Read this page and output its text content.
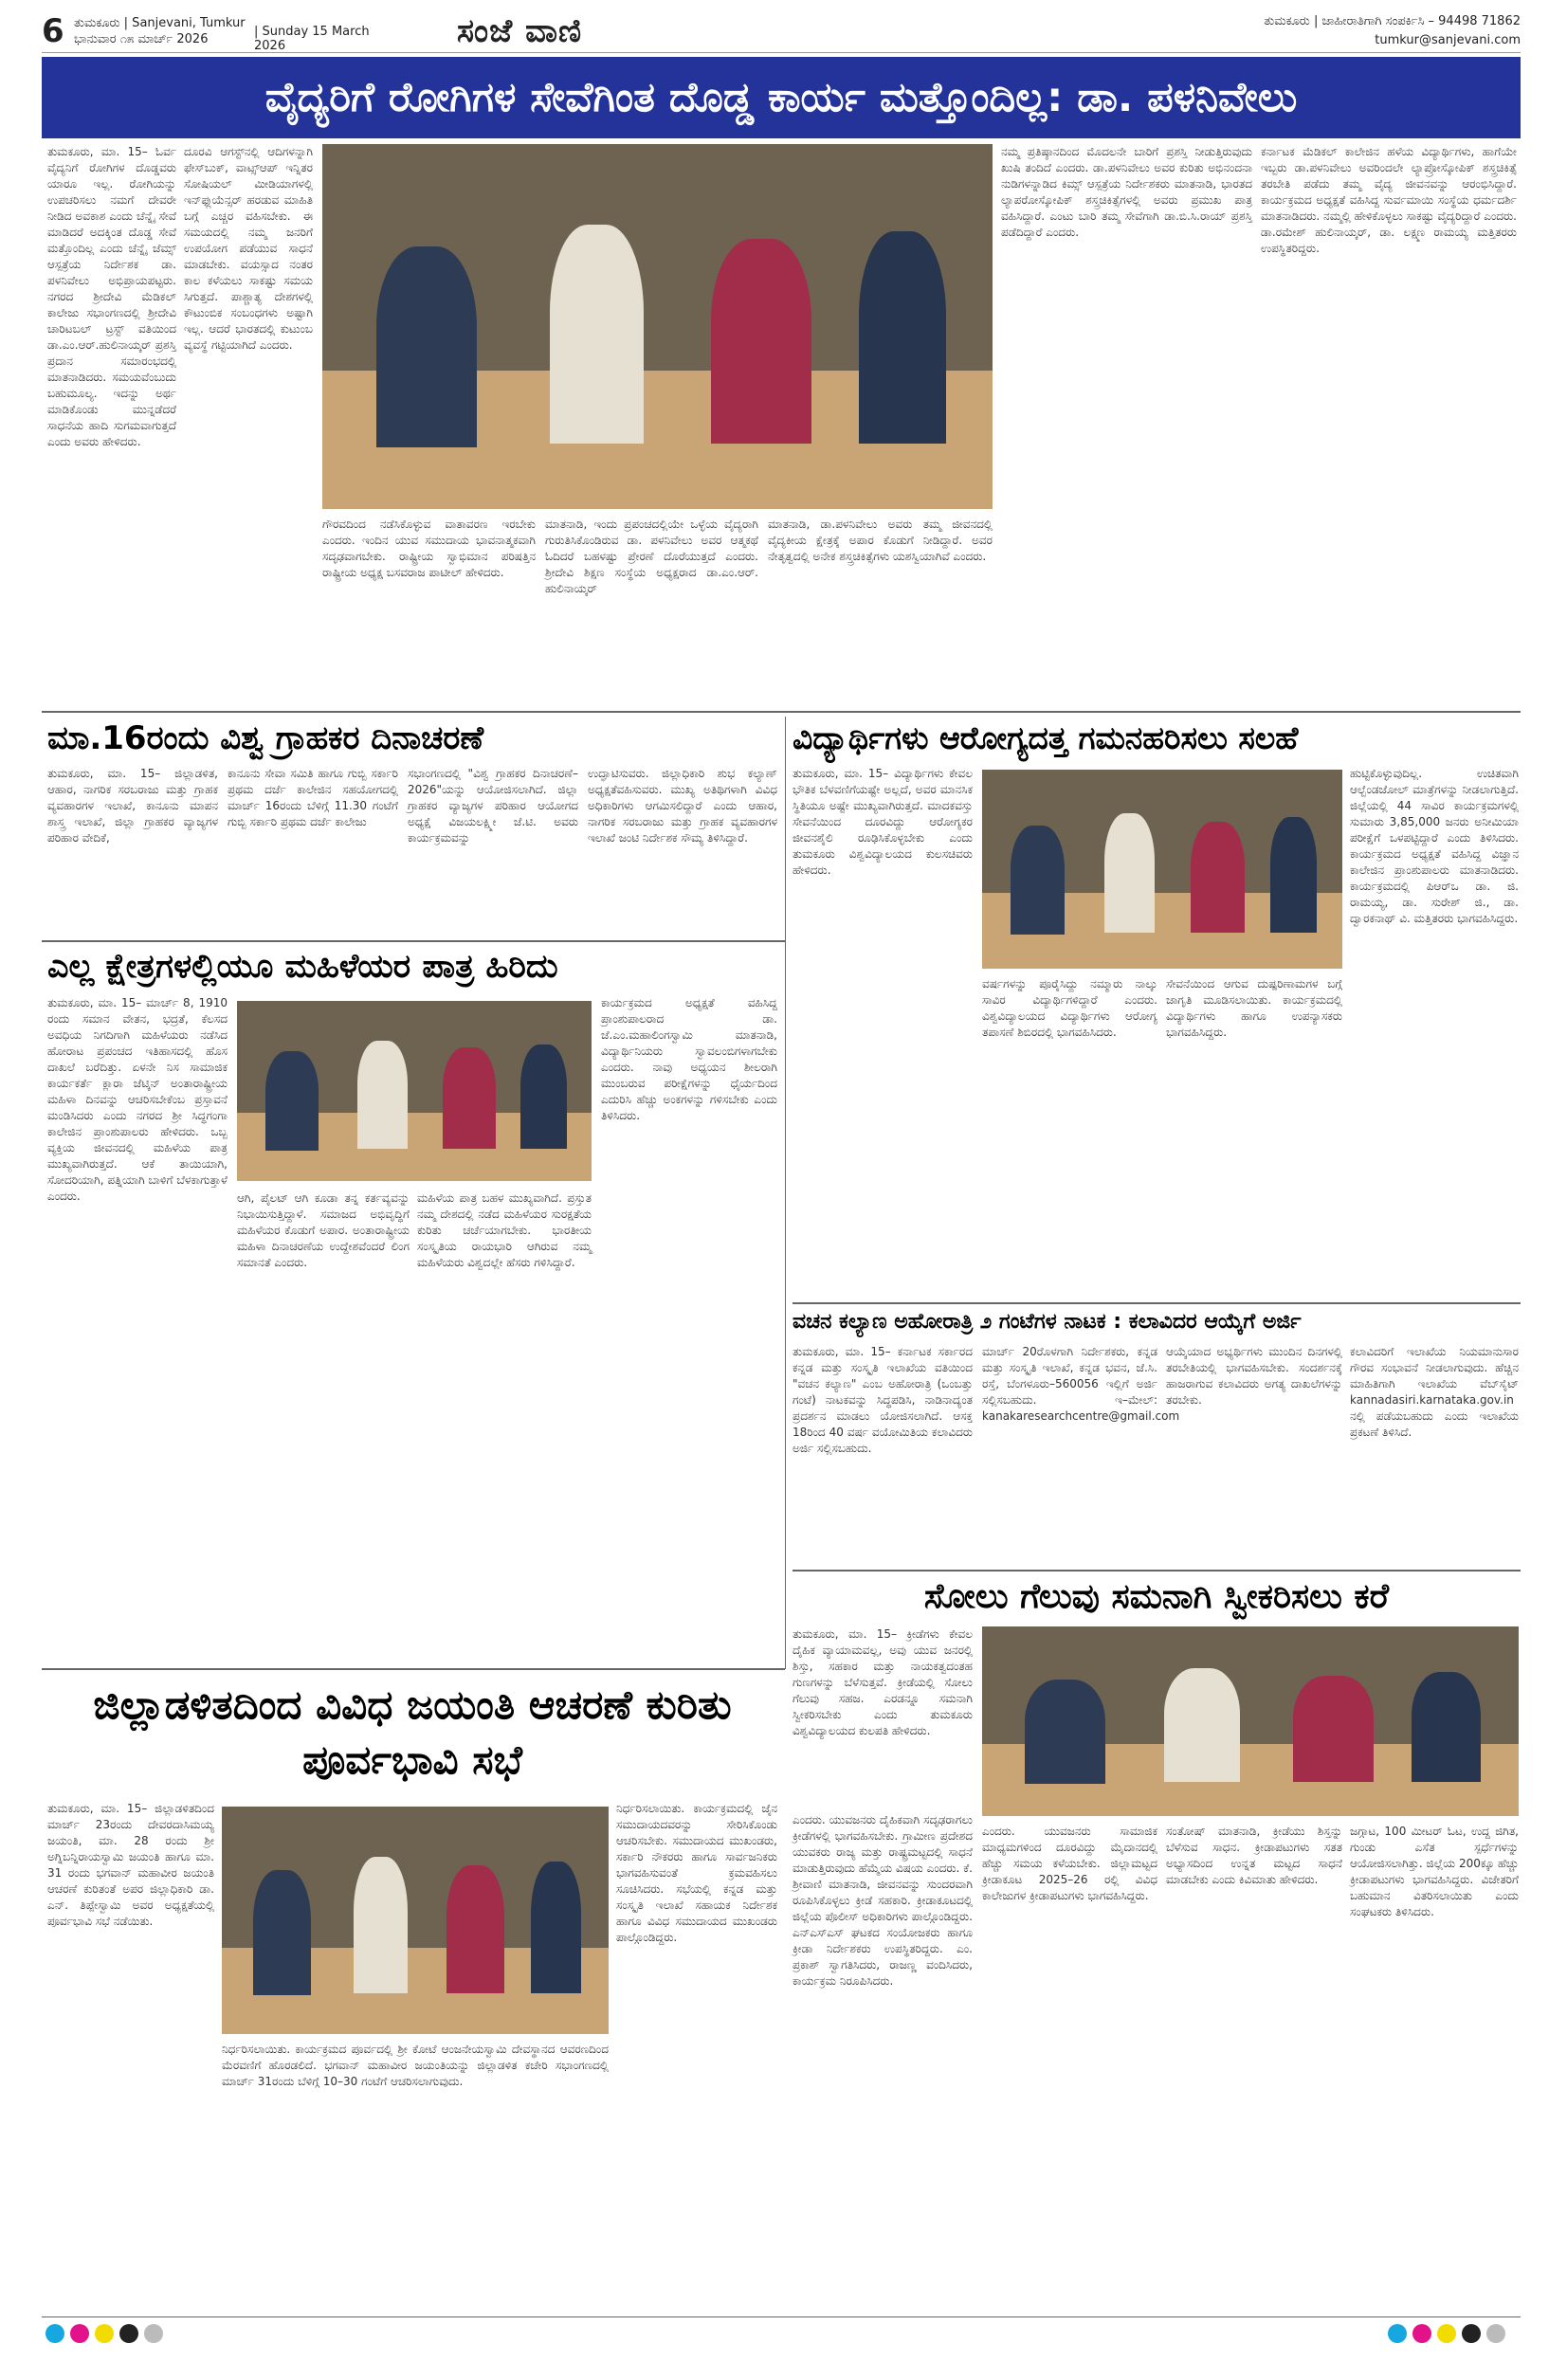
6 ತುಮಕೂರು | Sanjevani, Tumkur
ಭಾನುವಾರ ೧೫ ಮಾರ್ಚ್ 2026
| Sunday 15 March 2026	ಸಂಜೆ ವಾಣಿ	ತುಮಕೂರು | ಜಾಹೀರಾತಿಗಾಗಿ ಸಂಪರ್ಕಿಸಿ – 94498 71862
tumkur@sanjevani.com
ವೈದ್ಯರಿಗೆ ರೋಗಿಗಳ ಸೇವೆಗಿಂತ ದೊಡ್ಡ ಕಾರ್ಯ ಮತ್ತೊಂದಿಲ್ಲ: ಡಾ. ಪಳನಿವೇಲು
ತುಮಕೂರು, ಮಾ. 15– ಓರ್ವ ವೈದ್ಯನಿಗೆ ರೋಗಿಗಳ ದೊಡ್ಡವರು ಯಾರೂ ಇಲ್ಲ. ರೋಗಿಯನ್ನು ಉಪಚರಿಸಲು ನಮಗೆ ದೇವರೇ ನೀಡಿದ ಅವಕಾಶ ಎಂದು ಚೆನ್ನೈ ಸೇವೆ ಮಾಡಿದರೆ ಅದಕ್ಕಿಂತ ದೊಡ್ಡ ಸೇವೆ ಮತ್ತೊಂದಿಲ್ಲ ಎಂದು ಚೆನ್ನೈ ಜೆಮ್ಸ್ ಆಸ್ಪತ್ರೆಯ ನಿರ್ದೇಶಕ ಡಾ. ಪಳನಿವೇಲು ಅಭಿಪ್ರಾಯಪಟ್ಟರು. ನಗರದ ಶ್ರೀದೇವಿ ಮೆಡಿಕಲ್ ಕಾಲೇಜು ಸಭಾಂಗಣದಲ್ಲಿ ಶ್ರೀದೇವಿ ಚಾರಿಟಬಲ್ ಟ್ರಸ್ಟ್ ವತಿಯಿಂದ ಡಾ.ಎಂ.ಆರ್.ಹುಲಿನಾಯ್ಕರ್ ಪ್ರಶಸ್ತಿ ಪ್ರದಾನ ಸಮಾರಂಭದಲ್ಲಿ ಮಾತನಾಡಿದರು. ಸಮಯವೆಂಬುದು ಬಹುಮೂಲ್ಯ. ಇದನ್ನು ಅರ್ಥ ಮಾಡಿಕೊಂಡು ಮುನ್ನಡೆದರೆ ಸಾಧನೆಯ ಹಾದಿ ಸುಗಮವಾಗುತ್ತದೆ ಎಂದು ಅವರು ಹೇಳಿದರು.
ದೂರವಿ ಆಗಸ್ಟ್‌ನಲ್ಲಿ ಆದಿಗಳನ್ನಾಗಿ ಫೇಸ್‌ಬುಕ್, ವಾಟ್ಸ್‌ಆಪ್ ಇನ್ನಿತರ ಸೋಷಿಯಲ್ ಮೀಡಿಯಾಗಳಲ್ಲಿ ಇನ್‌ಫ್ಲುಯೆನ್ಸರ್ ಹರಡುವ ಮಾಹಿತಿ ಬಗ್ಗೆ ಎಚ್ಚರ ವಹಿಸಬೇಕು. ಈ ಸಮಯದಲ್ಲಿ ನಮ್ಮ ಜನರಿಗೆ ಉಪಯೋಗ ಪಡೆಯುವ ಸಾಧನೆ ಮಾಡಬೇಕು. ವಯಸ್ಸಾದ ನಂತರ ಕಾಲ ಕಳೆಯಲು ಸಾಕಷ್ಟು ಸಮಯ ಸಿಗುತ್ತದೆ. ಪಾಶ್ಚಾತ್ಯ ದೇಶಗಳಲ್ಲಿ ಕೌಟುಂಬಿಕ ಸಂಬಂಧಗಳು ಅಷ್ಟಾಗಿ ಇಲ್ಲ. ಆದರೆ ಭಾರತದಲ್ಲಿ ಕುಟುಂಬ ವ್ಯವಸ್ಥೆ ಗಟ್ಟಿಯಾಗಿದೆ ಎಂದರು.
ಗೌರವದಿಂದ ನಡೆಸಿಕೊಳ್ಳುವ ವಾತಾವರಣ ಇರಬೇಕು ಎಂದರು. ಇಂದಿನ ಯುವ ಸಮುದಾಯ ಭಾವನಾತ್ಮಕವಾಗಿ ಸದೃಢವಾಗಬೇಕು. ರಾಷ್ಟ್ರೀಯ ಸ್ವಾಭಿಮಾನ ಪರಿಷತ್ತಿನ ರಾಷ್ಟ್ರೀಯ ಅಧ್ಯಕ್ಷ ಬಸವರಾಜ ಪಾಟೀಲ್ ಹೇಳಿದರು.
ಮಾತನಾಡಿ, ಇಂದು ಪ್ರಪಂಚದಲ್ಲಿಯೇ ಒಳ್ಳೆಯ ವೈದ್ಯರಾಗಿ ಗುರುತಿಸಿಕೊಂಡಿರುವ ಡಾ. ಪಳನಿವೇಲು ಅವರ ಆತ್ಮಕಥೆ ಓದಿದರೆ ಬಹಳಷ್ಟು ಪ್ರೇರಣೆ ದೊರೆಯುತ್ತದೆ ಎಂದರು. ಶ್ರೀದೇವಿ ಶಿಕ್ಷಣ ಸಂಸ್ಥೆಯ ಅಧ್ಯಕ್ಷರಾದ ಡಾ.ಎಂ.ಆರ್. ಹುಲಿನಾಯ್ಕರ್
ಮಾತನಾಡಿ, ಡಾ.ಪಳನಿವೇಲು ಅವರು ತಮ್ಮ ಜೀವನದಲ್ಲಿ ವೈದ್ಯಕೀಯ ಕ್ಷೇತ್ರಕ್ಕೆ ಅಪಾರ ಕೊಡುಗೆ ನೀಡಿದ್ದಾರೆ. ಅವರ ನೇತೃತ್ವದಲ್ಲಿ ಅನೇಕ ಶಸ್ತ್ರಚಿಕಿತ್ಸೆಗಳು ಯಶಸ್ವಿಯಾಗಿವೆ ಎಂದರು.
ನಮ್ಮ ಪ್ರತಿಷ್ಠಾನದಿಂದ ಮೊದಲನೇ ಬಾರಿಗೆ ಪ್ರಶಸ್ತಿ ನೀಡುತ್ತಿರುವುದು ಖುಷಿ ತಂದಿದೆ ಎಂದರು. ಡಾ.ಪಳನಿವೇಲು ಅವರ ಕುರಿತು ಅಭಿನಂದನಾ ನುಡಿಗಳನ್ನಾಡಿದ ಕಿಮ್ಸ್ ಆಸ್ಪತ್ರೆಯ ನಿರ್ದೇಶಕರು ಮಾತನಾಡಿ, ಭಾರತದ ಲ್ಯಾಪರೋಸ್ಕೋಪಿಕ್ ಶಸ್ತ್ರಚಿಕಿತ್ಸೆಗಳಲ್ಲಿ ಅವರು ಪ್ರಮುಖ ಪಾತ್ರ ವಹಿಸಿದ್ದಾರೆ. ಎಂಟು ಬಾರಿ ತಮ್ಮ ಸೇವೆಗಾಗಿ ಡಾ.ಬಿ.ಸಿ.ರಾಯ್ ಪ್ರಶಸ್ತಿ ಪಡೆದಿದ್ದಾರೆ ಎಂದರು.
ಕರ್ನಾಟಕ ಮೆಡಿಕಲ್ ಕಾಲೇಜಿನ ಹಳೆಯ ವಿದ್ಯಾರ್ಥಿಗಳು, ಹಾಗೆಯೇ ಇಬ್ಬರು ಡಾ.ಪಳನಿವೇಲು ಅವರಿಂದಲೇ ಲ್ಯಾಪ್ರೋಸ್ಕೋಪಿಕ್ ಶಸ್ತ್ರಚಿಕಿತ್ಸೆ ತರಬೇತಿ ಪಡೆದು ತಮ್ಮ ವೈದ್ಯ ಜೀವನವನ್ನು ಆರಂಭಿಸಿದ್ದಾರೆ. ಕಾರ್ಯಕ್ರಮದ ಅಧ್ಯಕ್ಷತೆ ವಹಿಸಿದ್ದ ಸುರ್ವಮಾಯಿ ಸಂಸ್ಥೆಯ ಧರ್ಮದರ್ಶಿ ಮಾತನಾಡಿದರು. ನಮ್ಮಲ್ಲಿ ಹೇಳಿಕೊಳ್ಳಲು ಸಾಕಷ್ಟು ವೈದ್ಯರಿದ್ದಾರೆ ಎಂದರು. ಡಾ.ರಮೇಶ್ ಹುಲಿನಾಯ್ಕರ್, ಡಾ. ಲಕ್ಷ್ಮಣ ರಾಮಯ್ಯ ಮತ್ತಿತರರು ಉಪಸ್ಥಿತರಿದ್ದರು.
ಮಾ.16ರಂದು ವಿಶ್ವ ಗ್ರಾಹಕರ ದಿನಾಚರಣೆ
ತುಮಕೂರು, ಮಾ. 15– ಜಿಲ್ಲಾಡಳಿತ, ಆಹಾರ, ನಾಗರಿಕ ಸರಬರಾಜು ಮತ್ತು ಗ್ರಾಹಕ ವ್ಯವಹಾರಗಳ ಇಲಾಖೆ, ಕಾನೂನು ಮಾಪನ ಶಾಸ್ತ್ರ ಇಲಾಖೆ, ಜಿಲ್ಲಾ ಗ್ರಾಹಕರ ವ್ಯಾಜ್ಯಗಳ ಪರಿಹಾರ ವೇದಿಕೆ,
ಕಾನೂನು ಸೇವಾ ಸಮಿತಿ ಹಾಗೂ ಗುಬ್ಬಿ ಸರ್ಕಾರಿ ಪ್ರಥಮ ದರ್ಜೆ ಕಾಲೇಜಿನ ಸಹಯೋಗದಲ್ಲಿ ಮಾರ್ಚ್ 16ರಂದು ಬೆಳಿಗ್ಗೆ 11.30 ಗಂಟೆಗೆ ಗುಬ್ಬಿ ಸರ್ಕಾರಿ ಪ್ರಥಮ ದರ್ಜೆ ಕಾಲೇಜು
ಸಭಾಂಗಣದಲ್ಲಿ "ವಿಶ್ವ ಗ್ರಾಹಕರ ದಿನಾಚರಣೆ–2026"ಯನ್ನು ಆಯೋಜಿಸಲಾಗಿದೆ. ಜಿಲ್ಲಾ ಗ್ರಾಹಕರ ವ್ಯಾಜ್ಯಗಳ ಪರಿಹಾರ ಆಯೋಗದ ಅಧ್ಯಕ್ಷೆ ವಿಜಯಲಕ್ಷ್ಮೀ ಜೆ.ಟಿ. ಅವರು ಕಾರ್ಯಕ್ರಮವನ್ನು
ಉದ್ಘಾಟಿಸುವರು. ಜಿಲ್ಲಾಧಿಕಾರಿ ಶುಭ ಕಲ್ಯಾಣ್ ಅಧ್ಯಕ್ಷತೆವಹಿಸುವರು. ಮುಖ್ಯ ಅತಿಥಿಗಳಾಗಿ ವಿವಿಧ ಅಧಿಕಾರಿಗಳು ಆಗಮಿಸಲಿದ್ದಾರೆ ಎಂದು ಆಹಾರ, ನಾಗರಿಕ ಸರಬರಾಜು ಮತ್ತು ಗ್ರಾಹಕ ವ್ಯವಹಾರಗಳ ಇಲಾಖೆ ಜಂಟಿ ನಿರ್ದೇಶಕ ಸೌಮ್ಯ ತಿಳಿಸಿದ್ದಾರೆ.
ವಿದ್ಯಾರ್ಥಿಗಳು ಆರೋಗ್ಯದತ್ತ ಗಮನಹರಿಸಲು ಸಲಹೆ
ತುಮಕೂರು, ಮಾ. 15– ವಿದ್ಯಾರ್ಥಿಗಳು ಕೇವಲ ಭೌತಿಕ ಬೆಳವಣಿಗೆಯಷ್ಟೇ ಅಲ್ಲದೆ, ಅವರ ಮಾನಸಿಕ ಸ್ಥಿತಿಯೂ ಅಷ್ಟೇ ಮುಖ್ಯವಾಗಿರುತ್ತದೆ. ಮಾದಕವಸ್ತು ಸೇವನೆಯಿಂದ ದೂರವಿದ್ದು ಆರೋಗ್ಯಕರ ಜೀವನಶೈಲಿ ರೂಢಿಸಿಕೊಳ್ಳಬೇಕು ಎಂದು ತುಮಕೂರು ವಿಶ್ವವಿದ್ಯಾಲಯದ ಕುಲಸಚಿವರು ಹೇಳಿದರು.
ವರ್ಷಗಳನ್ನು ಪೂರೈಸಿದ್ದು ನಮ್ಮಾರು ನಾಲ್ಕು ಸಾವಿರ ವಿದ್ಯಾರ್ಥಿಗಳಿದ್ದಾರೆ ಎಂದರು. ವಿಶ್ವವಿದ್ಯಾಲಯದ ವಿದ್ಯಾರ್ಥಿಗಳು ಆರೋಗ್ಯ ತಪಾಸಣೆ ಶಿಬಿರದಲ್ಲಿ ಭಾಗವಹಿಸಿದರು.
ಸೇವನೆಯಿಂದ ಆಗುವ ದುಷ್ಪರಿಣಾಮಗಳ ಬಗ್ಗೆ ಜಾಗೃತಿ ಮೂಡಿಸಲಾಯಿತು. ಕಾರ್ಯಕ್ರಮದಲ್ಲಿ ವಿದ್ಯಾರ್ಥಿಗಳು ಹಾಗೂ ಉಪನ್ಯಾಸಕರು ಭಾಗವಹಿಸಿದ್ದರು.
ಹುಟ್ಟಿಕೊಳ್ಳುವುದಿಲ್ಲ. ಉಚಿತವಾಗಿ ಆಲ್ಬೆಂಡಜೋಲ್ ಮಾತ್ರೆಗಳನ್ನು ನೀಡಲಾಗುತ್ತಿದೆ. ಜಿಲ್ಲೆಯಲ್ಲಿ 44 ಸಾವಿರ ಕಾರ್ಯಕ್ರಮಗಳಲ್ಲಿ ಸುಮಾರು 3,85,000 ಜನರು ಅನೀಮಿಯಾ ಪರೀಕ್ಷೆಗೆ ಒಳಪಟ್ಟಿದ್ದಾರೆ ಎಂದು ತಿಳಿಸಿದರು. ಕಾರ್ಯಕ್ರಮದ ಅಧ್ಯಕ್ಷತೆ ವಹಿಸಿದ್ದ ವಿಜ್ಞಾನ ಕಾಲೇಜಿನ ಪ್ರಾಂಶುಪಾಲರು ಮಾತನಾಡಿದರು. ಕಾರ್ಯಕ್ರಮದಲ್ಲಿ ಪಿಆರ್‌ಒ ಡಾ. ಜಿ. ರಾಮಯ್ಯ, ಡಾ. ಸುರೇಶ್ ಜಿ., ಡಾ. ದ್ವಾರಕನಾಥ್ ವಿ. ಮತ್ತಿತರರು ಭಾಗವಹಿಸಿದ್ದರು.
ಎಲ್ಲ ಕ್ಷೇತ್ರಗಳಲ್ಲಿಯೂ ಮಹಿಳೆಯರ ಪಾತ್ರ ಹಿರಿದು
ತುಮಕೂರು, ಮಾ. 15– ಮಾರ್ಚ್ 8, 1910 ರಂದು ಸಮಾನ ವೇತನ, ಭದ್ರತೆ, ಕೆಲಸದ ಅವಧಿಯ ನಿಗದಿಗಾಗಿ ಮಹಿಳೆಯರು ನಡೆಸಿದ ಹೋರಾಟ ಪ್ರಪಂಚದ ಇತಿಹಾಸದಲ್ಲಿ ಹೊಸ ದಾಖಲೆ ಬರೆದಿತ್ತು. ಏಳನೇ ನಿಸ ಸಾಮಾಜಿಕ ಕಾರ್ಯಕರ್ತೆ ಕ್ಲಾರಾ ಜೆಟ್ಕಿನ್ ಅಂತಾರಾಷ್ಟ್ರೀಯ ಮಹಿಳಾ ದಿನವನ್ನು ಆಚರಿಸಬೇಕೆಂಬ ಪ್ರಸ್ತಾವನೆ ಮಂಡಿಸಿದರು ಎಂದು ನಗರದ ಶ್ರೀ ಸಿದ್ಧಗಂಗಾ ಕಾಲೇಜಿನ ಪ್ರಾಂಶುಪಾಲರು ಹೇಳಿದರು. ಒಬ್ಬ ವ್ಯಕ್ತಿಯ ಜೀವನದಲ್ಲಿ ಮಹಿಳೆಯ ಪಾತ್ರ ಮುಖ್ಯವಾಗಿರುತ್ತದೆ. ಆಕೆ ತಾಯಿಯಾಗಿ, ಸೋದರಿಯಾಗಿ, ಪತ್ನಿಯಾಗಿ ಬಾಳಿಗೆ ಬೆಳಕಾಗುತ್ತಾಳೆ ಎಂದರು.	ಆಗಿ, ಪೈಲಟ್ ಆಗಿ ಕೂಡಾ ತನ್ನ ಕರ್ತವ್ಯವನ್ನು ನಿಭಾಯಿಸುತ್ತಿದ್ದಾಳೆ. ಸಮಾಜದ ಅಭಿವೃದ್ಧಿಗೆ ಮಹಿಳೆಯರ ಕೊಡುಗೆ ಅಪಾರ. ಅಂತಾರಾಷ್ಟ್ರೀಯ ಮಹಿಳಾ ದಿನಾಚರಣೆಯ ಉದ್ದೇಶವೆಂದರೆ ಲಿಂಗ ಸಮಾನತೆ ಎಂದರು.
ಮಹಿಳೆಯ ಪಾತ್ರ ಬಹಳ ಮುಖ್ಯವಾಗಿದೆ. ಪ್ರಸ್ತುತ ನಮ್ಮ ದೇಶದಲ್ಲಿ ನಡೆದ ಮಹಿಳೆಯರ ಸುರಕ್ಷತೆಯ ಕುರಿತು ಚರ್ಚೆಯಾಗಬೇಕು. ಭಾರತೀಯ ಸಂಸ್ಕೃತಿಯ ರಾಯಭಾರಿ ಆಗಿರುವ ನಮ್ಮ ಮಹಿಳೆಯರು ವಿಶ್ವದಲ್ಲೇ ಹೆಸರು ಗಳಿಸಿದ್ದಾರೆ.
ಕಾರ್ಯಕ್ರಮದ ಅಧ್ಯಕ್ಷತೆ ವಹಿಸಿದ್ದ ಪ್ರಾಂಶುಪಾಲರಾದ ಡಾ. ಜೆ.ಎಂ.ಮಹಾಲಿಂಗಸ್ವಾಮಿ ಮಾತನಾಡಿ, ವಿದ್ಯಾರ್ಥಿನಿಯರು ಸ್ವಾವಲಂಬಿಗಳಾಗಬೇಕು ಎಂದರು. ನಾವು ಅಧ್ಯಯನ ಶೀಲರಾಗಿ ಮುಂಬರುವ ಪರೀಕ್ಷೆಗಳನ್ನು ಧೈರ್ಯದಿಂದ ಎದುರಿಸಿ ಹೆಚ್ಚು ಅಂಕಗಳನ್ನು ಗಳಿಸಬೇಕು ಎಂದು ತಿಳಿಸಿದರು.
ವಚನ ಕಲ್ಯಾಣ ಅಹೋರಾತ್ರಿ ೨ ಗಂಟೆಗಳ ನಾಟಕ : ಕಲಾವಿದರ ಆಯ್ಕೆಗೆ ಅರ್ಜಿ
ತುಮಕೂರು, ಮಾ. 15– ಕರ್ನಾಟಕ ಸರ್ಕಾರದ ಕನ್ನಡ ಮತ್ತು ಸಂಸ್ಕೃತಿ ಇಲಾಖೆಯ ವತಿಯಿಂದ "ವಚನ ಕಲ್ಯಾಣ" ಎಂಬ ಅಹೋರಾತ್ರಿ (ಒಂಬತ್ತು ಗಂಟೆ) ನಾಟಕವನ್ನು ಸಿದ್ಧಪಡಿಸಿ, ನಾಡಿನಾದ್ಯಂತ ಪ್ರದರ್ಶನ ಮಾಡಲು ಯೋಜಿಸಲಾಗಿದೆ. ಆಸಕ್ತ 18ರಿಂದ 40 ವರ್ಷ ವಯೋಮಿತಿಯ ಕಲಾವಿದರು ಅರ್ಜಿ ಸಲ್ಲಿಸಬಹುದು.
ಮಾರ್ಚ್ 20ರೊಳಗಾಗಿ ನಿರ್ದೇಶಕರು, ಕನ್ನಡ ಮತ್ತು ಸಂಸ್ಕೃತಿ ಇಲಾಖೆ, ಕನ್ನಡ ಭವನ, ಜೆ.ಸಿ. ರಸ್ತೆ, ಬೆಂಗಳೂರು–560056 ಇಲ್ಲಿಗೆ ಅರ್ಜಿ ಸಲ್ಲಿಸಬಹುದು. ಇ–ಮೇಲ್: kanakaresearchcentre@gmail.com
ಆಯ್ಕೆಯಾದ ಅಭ್ಯರ್ಥಿಗಳು ಮುಂದಿನ ದಿನಗಳಲ್ಲಿ ತರಬೇತಿಯಲ್ಲಿ ಭಾಗವಹಿಸಬೇಕು. ಸಂದರ್ಶನಕ್ಕೆ ಹಾಜರಾಗುವ ಕಲಾವಿದರು ಅಗತ್ಯ ದಾಖಲೆಗಳನ್ನು ತರಬೇಕು.
ಕಲಾವಿದರಿಗೆ ಇಲಾಖೆಯ ನಿಯಮಾನುಸಾರ ಗೌರವ ಸಂಭಾವನೆ ನೀಡಲಾಗುವುದು. ಹೆಚ್ಚಿನ ಮಾಹಿತಿಗಾಗಿ ಇಲಾಖೆಯ ವೆಬ್‌ಸೈಟ್ kannadasiri.karnataka.gov.in ನಲ್ಲಿ ಪಡೆಯಬಹುದು ಎಂದು ಇಲಾಖೆಯ ಪ್ರಕಟಣೆ ತಿಳಿಸಿದೆ.
ಸೋಲು ಗೆಲುವು ಸಮನಾಗಿ ಸ್ವೀಕರಿಸಲು ಕರೆ
ತುಮಕೂರು, ಮಾ. 15– ಕ್ರೀಡೆಗಳು ಕೇವಲ ದೈಹಿಕ ವ್ಯಾಯಾಮವಲ್ಲ, ಅವು ಯುವ ಜನರಲ್ಲಿ ಶಿಸ್ತು, ಸಹಕಾರ ಮತ್ತು ನಾಯಕತ್ವದಂತಹ ಗುಣಗಳನ್ನು ಬೆಳೆಸುತ್ತವೆ. ಕ್ರೀಡೆಯಲ್ಲಿ ಸೋಲು ಗೆಲುವು ಸಹಜ. ಎರಡನ್ನೂ ಸಮನಾಗಿ ಸ್ವೀಕರಿಸಬೇಕು ಎಂದು ತುಮಕೂರು ವಿಶ್ವವಿದ್ಯಾಲಯದ ಕುಲಪತಿ ಹೇಳಿದರು.
ಜಿಲ್ಲಾಡಳಿತದಿಂದ ವಿವಿಧ ಜಯಂತಿ ಆಚರಣೆ ಕುರಿತು ಪೂರ್ವಭಾವಿ ಸಭೆ
ತುಮಕೂರು, ಮಾ. 15– ಜಿಲ್ಲಾಡಳಿತದಿಂದ ಮಾರ್ಚ್ 23ರಂದು ದೇವರದಾಸಿಮಯ್ಯ ಜಯಂತಿ, ಮಾ. 28 ರಂದು ಶ್ರೀ ಅಗ್ನಿಬನ್ನಿರಾಯಸ್ವಾಮಿ ಜಯಂತಿ ಹಾಗೂ ಮಾ. 31 ರಂದು ಭಗವಾನ್ ಮಹಾವೀರ ಜಯಂತಿ ಆಚರಣೆ ಕುರಿತಂತೆ ಅಪರ ಜಿಲ್ಲಾಧಿಕಾರಿ ಡಾ. ಎನ್. ತಿಪ್ಪೇಸ್ವಾಮಿ ಅವರ ಅಧ್ಯಕ್ಷತೆಯಲ್ಲಿ ಪೂರ್ವಭಾವಿ ಸಭೆ ನಡೆಯಿತು.
ನಿರ್ಧರಿಸಲಾಯಿತು. ಕಾರ್ಯಕ್ರಮದ ಪೂರ್ವದಲ್ಲಿ ಶ್ರೀ ಕೋಟೆ ಆಂಜನೇಯಸ್ವಾಮಿ ದೇವಸ್ಥಾನದ ಆವರಣದಿಂದ ಮೆರವಣಿಗೆ ಹೊರಡಲಿದೆ. ಭಗವಾನ್ ಮಹಾವೀರ ಜಯಂತಿಯನ್ನು ಜಿಲ್ಲಾಡಳಿತ ಕಚೇರಿ ಸಭಾಂಗಣದಲ್ಲಿ ಮಾರ್ಚ್ 31ರಂದು ಬೆಳಿಗ್ಗೆ 10–30 ಗಂಟೆಗೆ ಆಚರಿಸಲಾಗುವುದು.
ನಿರ್ಧರಿಸಲಾಯಿತು. ಕಾರ್ಯಕ್ರಮದಲ್ಲಿ ಜೈನ ಸಮುದಾಯದವರನ್ನು ಸೇರಿಸಿಕೊಂಡು ಆಚರಿಸಬೇಕು. ಸಮುದಾಯದ ಮುಖಂಡರು, ಸರ್ಕಾರಿ ನೌಕರರು ಹಾಗೂ ಸಾರ್ವಜನಿಕರು ಭಾಗವಹಿಸುವಂತೆ ಕ್ರಮವಹಿಸಲು ಸೂಚಿಸಿದರು. ಸಭೆಯಲ್ಲಿ ಕನ್ನಡ ಮತ್ತು ಸಂಸ್ಕೃತಿ ಇಲಾಖೆ ಸಹಾಯಕ ನಿರ್ದೇಶಕ ಹಾಗೂ ವಿವಿಧ ಸಮುದಾಯದ ಮುಖಂಡರು ಪಾಲ್ಗೊಂಡಿದ್ದರು.
ಎಂದರು. ಯುವಜನರು ಸಾಮಾಜಿಕ ಮಾಧ್ಯಮಗಳಿಂದ ದೂರವಿದ್ದು ಮೈದಾನದಲ್ಲಿ ಹೆಚ್ಚು ಸಮಯ ಕಳೆಯಬೇಕು. ಜಿಲ್ಲಾಮಟ್ಟದ ಕ್ರೀಡಾಕೂಟ 2025–26 ರಲ್ಲಿ ವಿವಿಧ ಕಾಲೇಜುಗಳ ಕ್ರೀಡಾಪಟುಗಳು ಭಾಗವಹಿಸಿದ್ದರು.
ಸಂತೋಷ್ ಮಾತನಾಡಿ, ಕ್ರೀಡೆಯು ಶಿಸ್ತನ್ನು ಬೆಳೆಸುವ ಸಾಧನ. ಕ್ರೀಡಾಪಟುಗಳು ಸತತ ಅಭ್ಯಾಸದಿಂದ ಉನ್ನತ ಮಟ್ಟದ ಸಾಧನೆ ಮಾಡಬೇಕು ಎಂದು ಕಿವಿಮಾತು ಹೇಳಿದರು.
ಜಗ್ಗಾಟ, 100 ಮೀಟರ್ ಓಟ, ಉದ್ದ ಜಿಗಿತ, ಗುಂಡು ಎಸೆತ ಸ್ಪರ್ಧೆಗಳನ್ನು ಆಯೋಜಿಸಲಾಗಿತ್ತು. ಜಿಲ್ಲೆಯ 200ಕ್ಕೂ ಹೆಚ್ಚು ಕ್ರೀಡಾಪಟುಗಳು ಭಾಗವಹಿಸಿದ್ದರು. ವಿಜೇತರಿಗೆ ಬಹುಮಾನ ವಿತರಿಸಲಾಯಿತು ಎಂದು ಸಂಘಟಕರು ತಿಳಿಸಿದರು.
ಎಂದರು. ಯುವಜನರು ದೈಹಿಕವಾಗಿ ಸದೃಢರಾಗಲು ಕ್ರೀಡೆಗಳಲ್ಲಿ ಭಾಗವಹಿಸಬೇಕು. ಗ್ರಾಮೀಣ ಪ್ರದೇಶದ ಯುವಕರು ರಾಜ್ಯ ಮತ್ತು ರಾಷ್ಟ್ರಮಟ್ಟದಲ್ಲಿ ಸಾಧನೆ ಮಾಡುತ್ತಿರುವುದು ಹೆಮ್ಮೆಯ ವಿಷಯ ಎಂದರು. ಕೆ. ಶ್ರೀವಾಣಿ ಮಾತನಾಡಿ, ಜೀವನವನ್ನು ಸುಂದರವಾಗಿ ರೂಪಿಸಿಕೊಳ್ಳಲು ಕ್ರೀಡೆ ಸಹಕಾರಿ. ಕ್ರೀಡಾಕೂಟದಲ್ಲಿ ಜಿಲ್ಲೆಯ ಪೊಲೀಸ್ ಅಧಿಕಾರಿಗಳು ಪಾಲ್ಗೊಂಡಿದ್ದರು. ಎನ್‌ಎಸ್‌ಎಸ್ ಘಟಕದ ಸಂಯೋಜಕರು ಹಾಗೂ ಕ್ರೀಡಾ ನಿರ್ದೇಶಕರು ಉಪಸ್ಥಿತರಿದ್ದರು. ಎಂ. ಪ್ರಕಾಶ್ ಸ್ವಾಗತಿಸಿದರು, ರಾಜಣ್ಣ ವಂದಿಸಿದರು, ಕಾರ್ಯಕ್ರಮ ನಿರೂಪಿಸಿದರು.
